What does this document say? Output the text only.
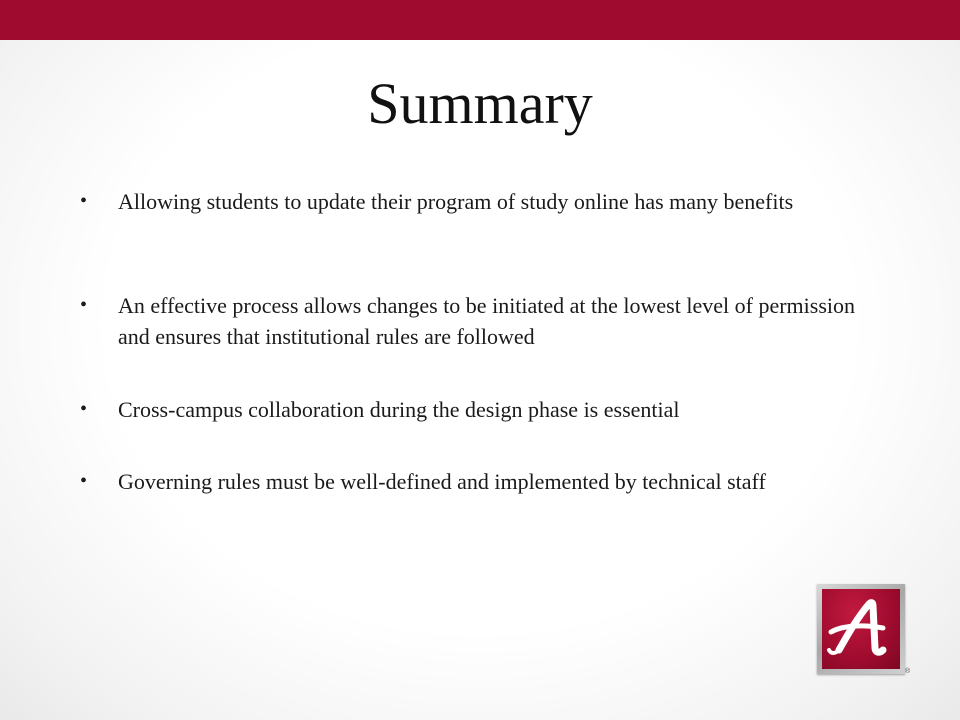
Summary
• Allowing students to update their program of study online has many benefits
• An effective process allows changes to be initiated at the lowest level of permission and ensures that institutional rules are followed
• Cross-campus collaboration during the design phase is essential
• Governing rules must be well-defined and implemented by technical staff
®
